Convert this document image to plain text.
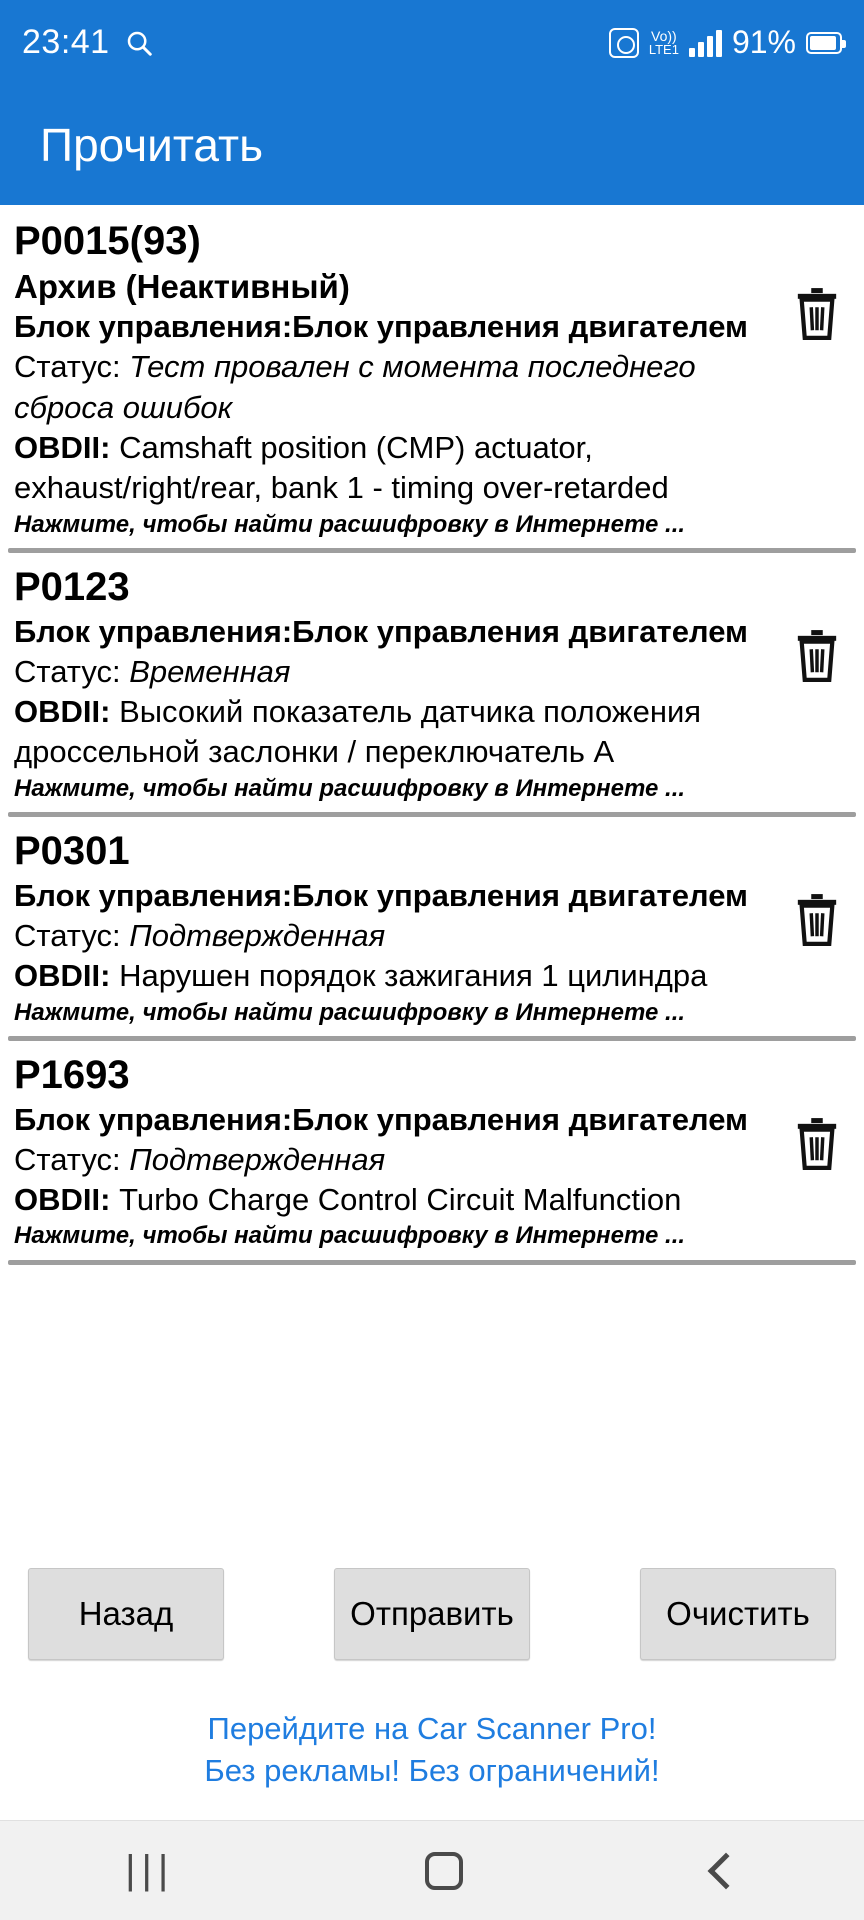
23:41	Vo))
LTE1 91%
Прочитать
P0015(93)
Архив (Неактивный)
Блок управления:Блок управления двигателем
Статус: Тест провален с момента последнего сброса ошибок
OBDII: Camshaft position (CMP) actuator, exhaust/right/rear, bank 1 - timing over-retarded
Нажмите, чтобы найти расшифровку в Интернете ...
P0123
Блок управления:Блок управления двигателем
Статус: Временная
OBDII: Высокий показатель датчика положения дроссельной заслонки / переключатель А
Нажмите, чтобы найти расшифровку в Интернете ...
P0301
Блок управления:Блок управления двигателем
Статус: Подтвержденная
OBDII: Нарушен порядок зажигания 1 цилиндра
Нажмите, чтобы найти расшифровку в Интернете ...
P1693
Блок управления:Блок управления двигателем
Статус: Подтвержденная
OBDII: Turbo Charge Control Circuit Malfunction
Нажмите, чтобы найти расшифровку в Интернете ...
Назад	Отправить	Очистить
Перейдите на Car Scanner Pro!
Без рекламы! Без ограничений!
|||
